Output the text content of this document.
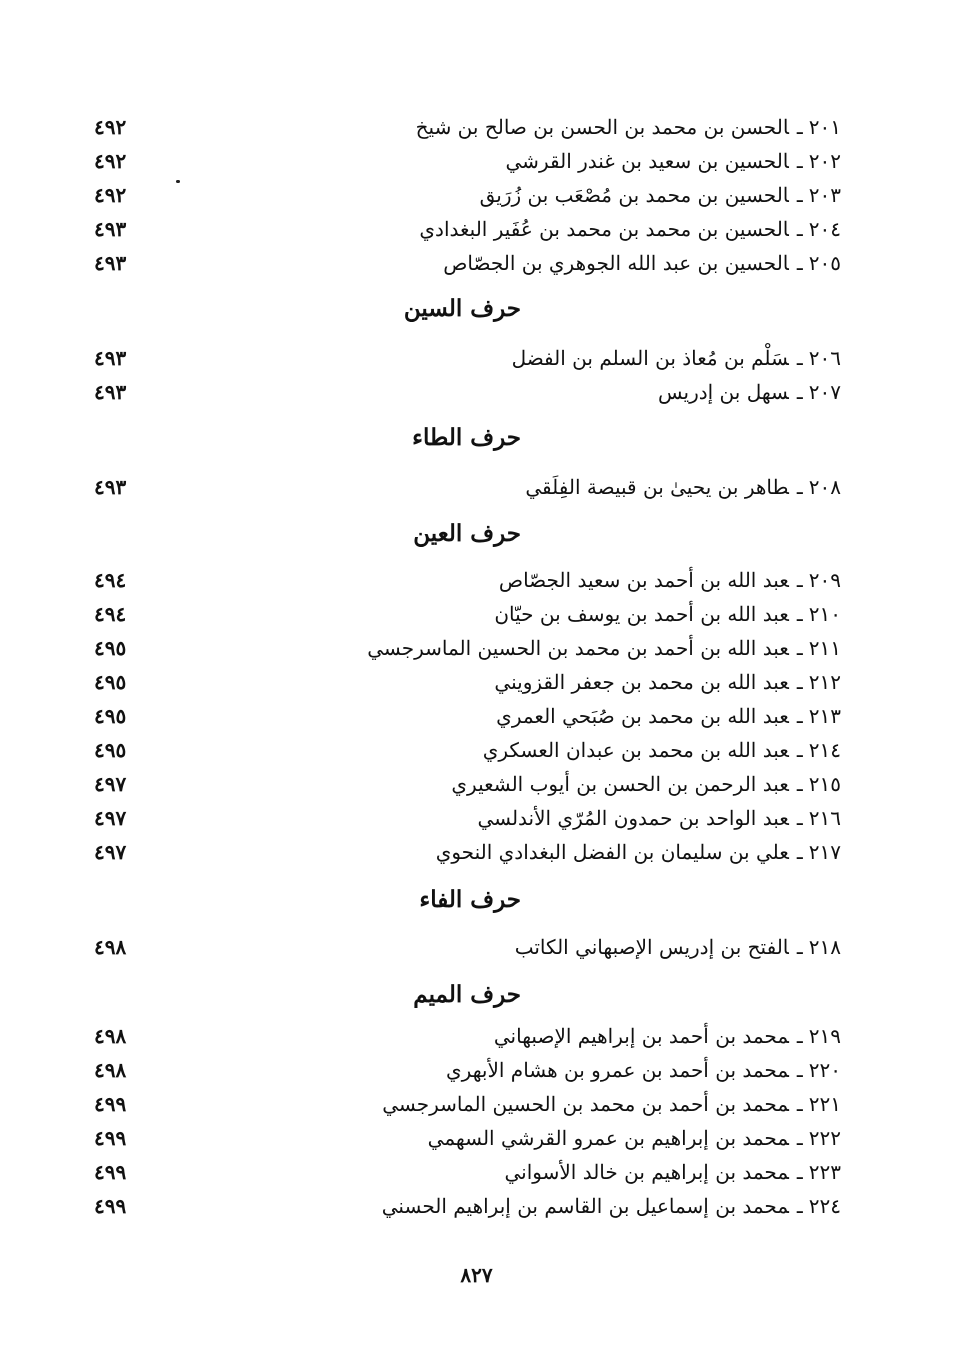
٢٠١ـالحسن بن محمد بن الحسن بن صالح بن شيخ
٤٩٢
٢٠٢ـالحسين بن سعيد بن غندر القرشي
٤٩٢
٢٠٣ـالحسين بن محمد بن مُصْعَب بن زُرَيق
٤٩٢
٢٠٤ـالحسين بن محمد بن محمد بن عُفَير البغدادي
٤٩٣
٢٠٥ـالحسين بن عبد الله الجوهري بن الجصّاص
٤٩٣
حرف السين
٢٠٦ـسَلْم بن مُعاذ بن السلم بن الفضل
٤٩٣
٢٠٧ـسهل بن إدريس
٤٩٣
حرف الطاء
٢٠٨ـطاهر بن يحيىٰ بن قبيصة الفِلَقي
٤٩٣
حرف العين
٢٠٩ـعبد الله بن أحمد بن سعيد الجصّاص
٤٩٤
٢١٠ـعبد الله بن أحمد بن يوسف بن حيّان
٤٩٤
٢١١ـعبد الله بن أحمد بن محمد بن الحسين الماسرجسي
٤٩٥
٢١٢ـعبد الله بن محمد بن جعفر القزويني
٤٩٥
٢١٣ـعبد الله بن محمد بن صُبَحي العمري
٤٩٥
٢١٤ـعبد الله بن محمد بن عبدان العسكري
٤٩٥
٢١٥ـعبد الرحمن بن الحسن بن أيوب الشعيري
٤٩٧
٢١٦ـعبد الواحد بن حمدون المُرّي الأندلسي
٤٩٧
٢١٧ـعلي بن سليمان بن الفضل البغدادي النحوي
٤٩٧
حرف الفاء
٢١٨ـالفتح بن إدريس الإصبهاني الكاتب
٤٩٨
حرف الميم
٢١٩ـمحمد بن أحمد بن إبراهيم الإصبهاني
٤٩٨
٢٢٠ـمحمد بن أحمد بن عمرو بن هشام الأبهري
٤٩٨
٢٢١ـمحمد بن أحمد بن محمد بن الحسين الماسرجسي
٤٩٩
٢٢٢ـمحمد بن إبراهيم بن عمرو القرشي السهمي
٤٩٩
٢٢٣ـمحمد بن إبراهيم بن خالد الأسواني
٤٩٩
٢٢٤ـمحمد بن إسماعيل بن القاسم بن إبراهيم الحسني
٤٩٩
٨٢٧
